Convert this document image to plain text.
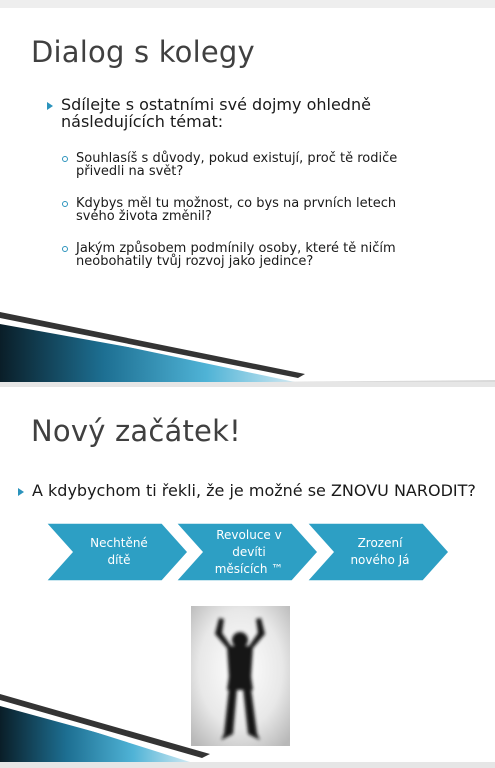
Dialog s kolegy
Sdílejte s ostatními své dojmy ohledně
následujících témat:
Souhlasíš s důvody, pokud existují, proč tě rodiče
přivedli na svět?
Kdybys měl tu možnost, co bys na prvních letech
svého života změnil?
Jakým způsobem podmínily osoby, které tě ničím
neobohatily tvůj rozvoj jako jedince?
Nový začátek!
A kdybychom ti řekli, že je možné se ZNOVU NARODIT?
Nechtěné
dítě
Revoluce v
devíti
měsících ™
Zrození
nového Já
